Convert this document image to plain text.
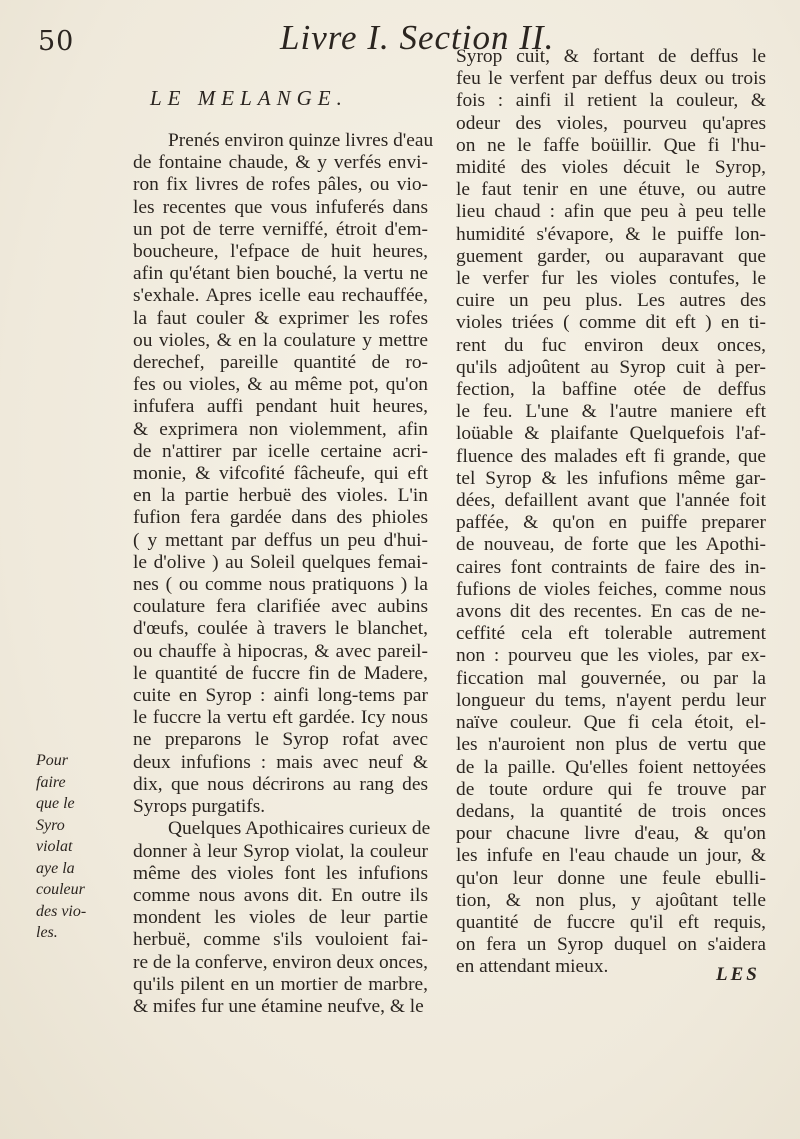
50	Livre I. Section II.
LE MELANGE.
Prenés environ quinze livres d'eau
de fontaine chaude, & y verfés envi-
ron fix livres de rofes pâles, ou vio-
les recentes que vous infuferés dans
un pot de terre verniffé, étroit d'em-
boucheure, l'efpace de huit heures,
afin qu'étant bien bouché, la vertu ne
s'exhale. Apres icelle eau rechauffée,
la faut couler & exprimer les rofes
ou violes, & en la coulature y mettre
derechef, pareille quantité de ro-
fes ou violes, & au même pot, qu'on
infufera auffi pendant huit heures,
& exprimera non violemment, afin
de n'attirer par icelle certaine acri-
monie, & vifcofité fâcheufe, qui eft
en la partie herbuë des violes. L'in
fufion fera gardée dans des phioles
( y mettant par deffus un peu d'hui-
le d'olive ) au Soleil quelques femai-
nes ( ou comme nous pratiquons ) la
coulature fera clarifiée avec aubins
d'œufs, coulée à travers le blanchet,
ou chauffe à hipocras, & avec pareil-
le quantité de fuccre fin de Madere,
cuite en Syrop : ainfi long-tems par
le fuccre la vertu eft gardée. Icy nous
ne preparons le Syrop rofat avec
deux infufions : mais avec neuf &
dix, que nous décrirons au rang des
Syrops purgatifs.
Quelques Apothicaires curieux de
donner à leur Syrop violat, la couleur
même des violes font les infufions
comme nous avons dit. En outre ils
mondent les violes de leur partie
herbuë, comme s'ils vouloient fai-
re de la conferve, environ deux onces,
qu'ils pilent en un mortier de marbre,
& mifes fur une étamine neufve, & le
Syrop cuit, & fortant de deffus le
feu le verfent par deffus deux ou trois
fois : ainfi il retient la couleur, &
odeur des violes, pourveu qu'apres
on ne le faffe boüillir. Que fi l'hu-
midité des violes décuit le Syrop,
le faut tenir en une étuve, ou autre
lieu chaud : afin que peu à peu telle
humidité s'évapore, & le puiffe lon-
guement garder, ou auparavant que
le verfer fur les violes contufes, le
cuire un peu plus. Les autres des
violes triées ( comme dit eft ) en ti-
rent du fuc environ deux onces,
qu'ils adjoûtent au Syrop cuit à per-
fection, la baffine otée de deffus
le feu. L'une & l'autre maniere eft
loüable & plaifante Quelquefois l'af-
fluence des malades eft fi grande, que
tel Syrop & les infufions même gar-
dées, defaillent avant que l'année foit
paffée, & qu'on en puiffe preparer
de nouveau, de forte que les Apothi-
caires font contraints de faire des in-
fufions de violes feiches, comme nous
avons dit des recentes. En cas de ne-
ceffité cela eft tolerable autrement
non : pourveu que les violes, par ex-
ficcation mal gouvernée, ou par la
longueur du tems, n'ayent perdu leur
naïve couleur. Que fi cela étoit, el-
les n'auroient non plus de vertu que
de la paille. Qu'elles foient nettoyées
de toute ordure qui fe trouve par
dedans, la quantité de trois onces
pour chacune livre d'eau, & qu'on
les infufe en l'eau chaude un jour, &
qu'on leur donne une feule ebulli-
tion, & non plus, y ajoûtant telle
quantité de fuccre qu'il eft requis,
on fera un Syrop duquel on s'aidera
en attendant mieux.
Pour
faire
que le
Syro
violat
aye la
couleur
des vio-
les.
LES
